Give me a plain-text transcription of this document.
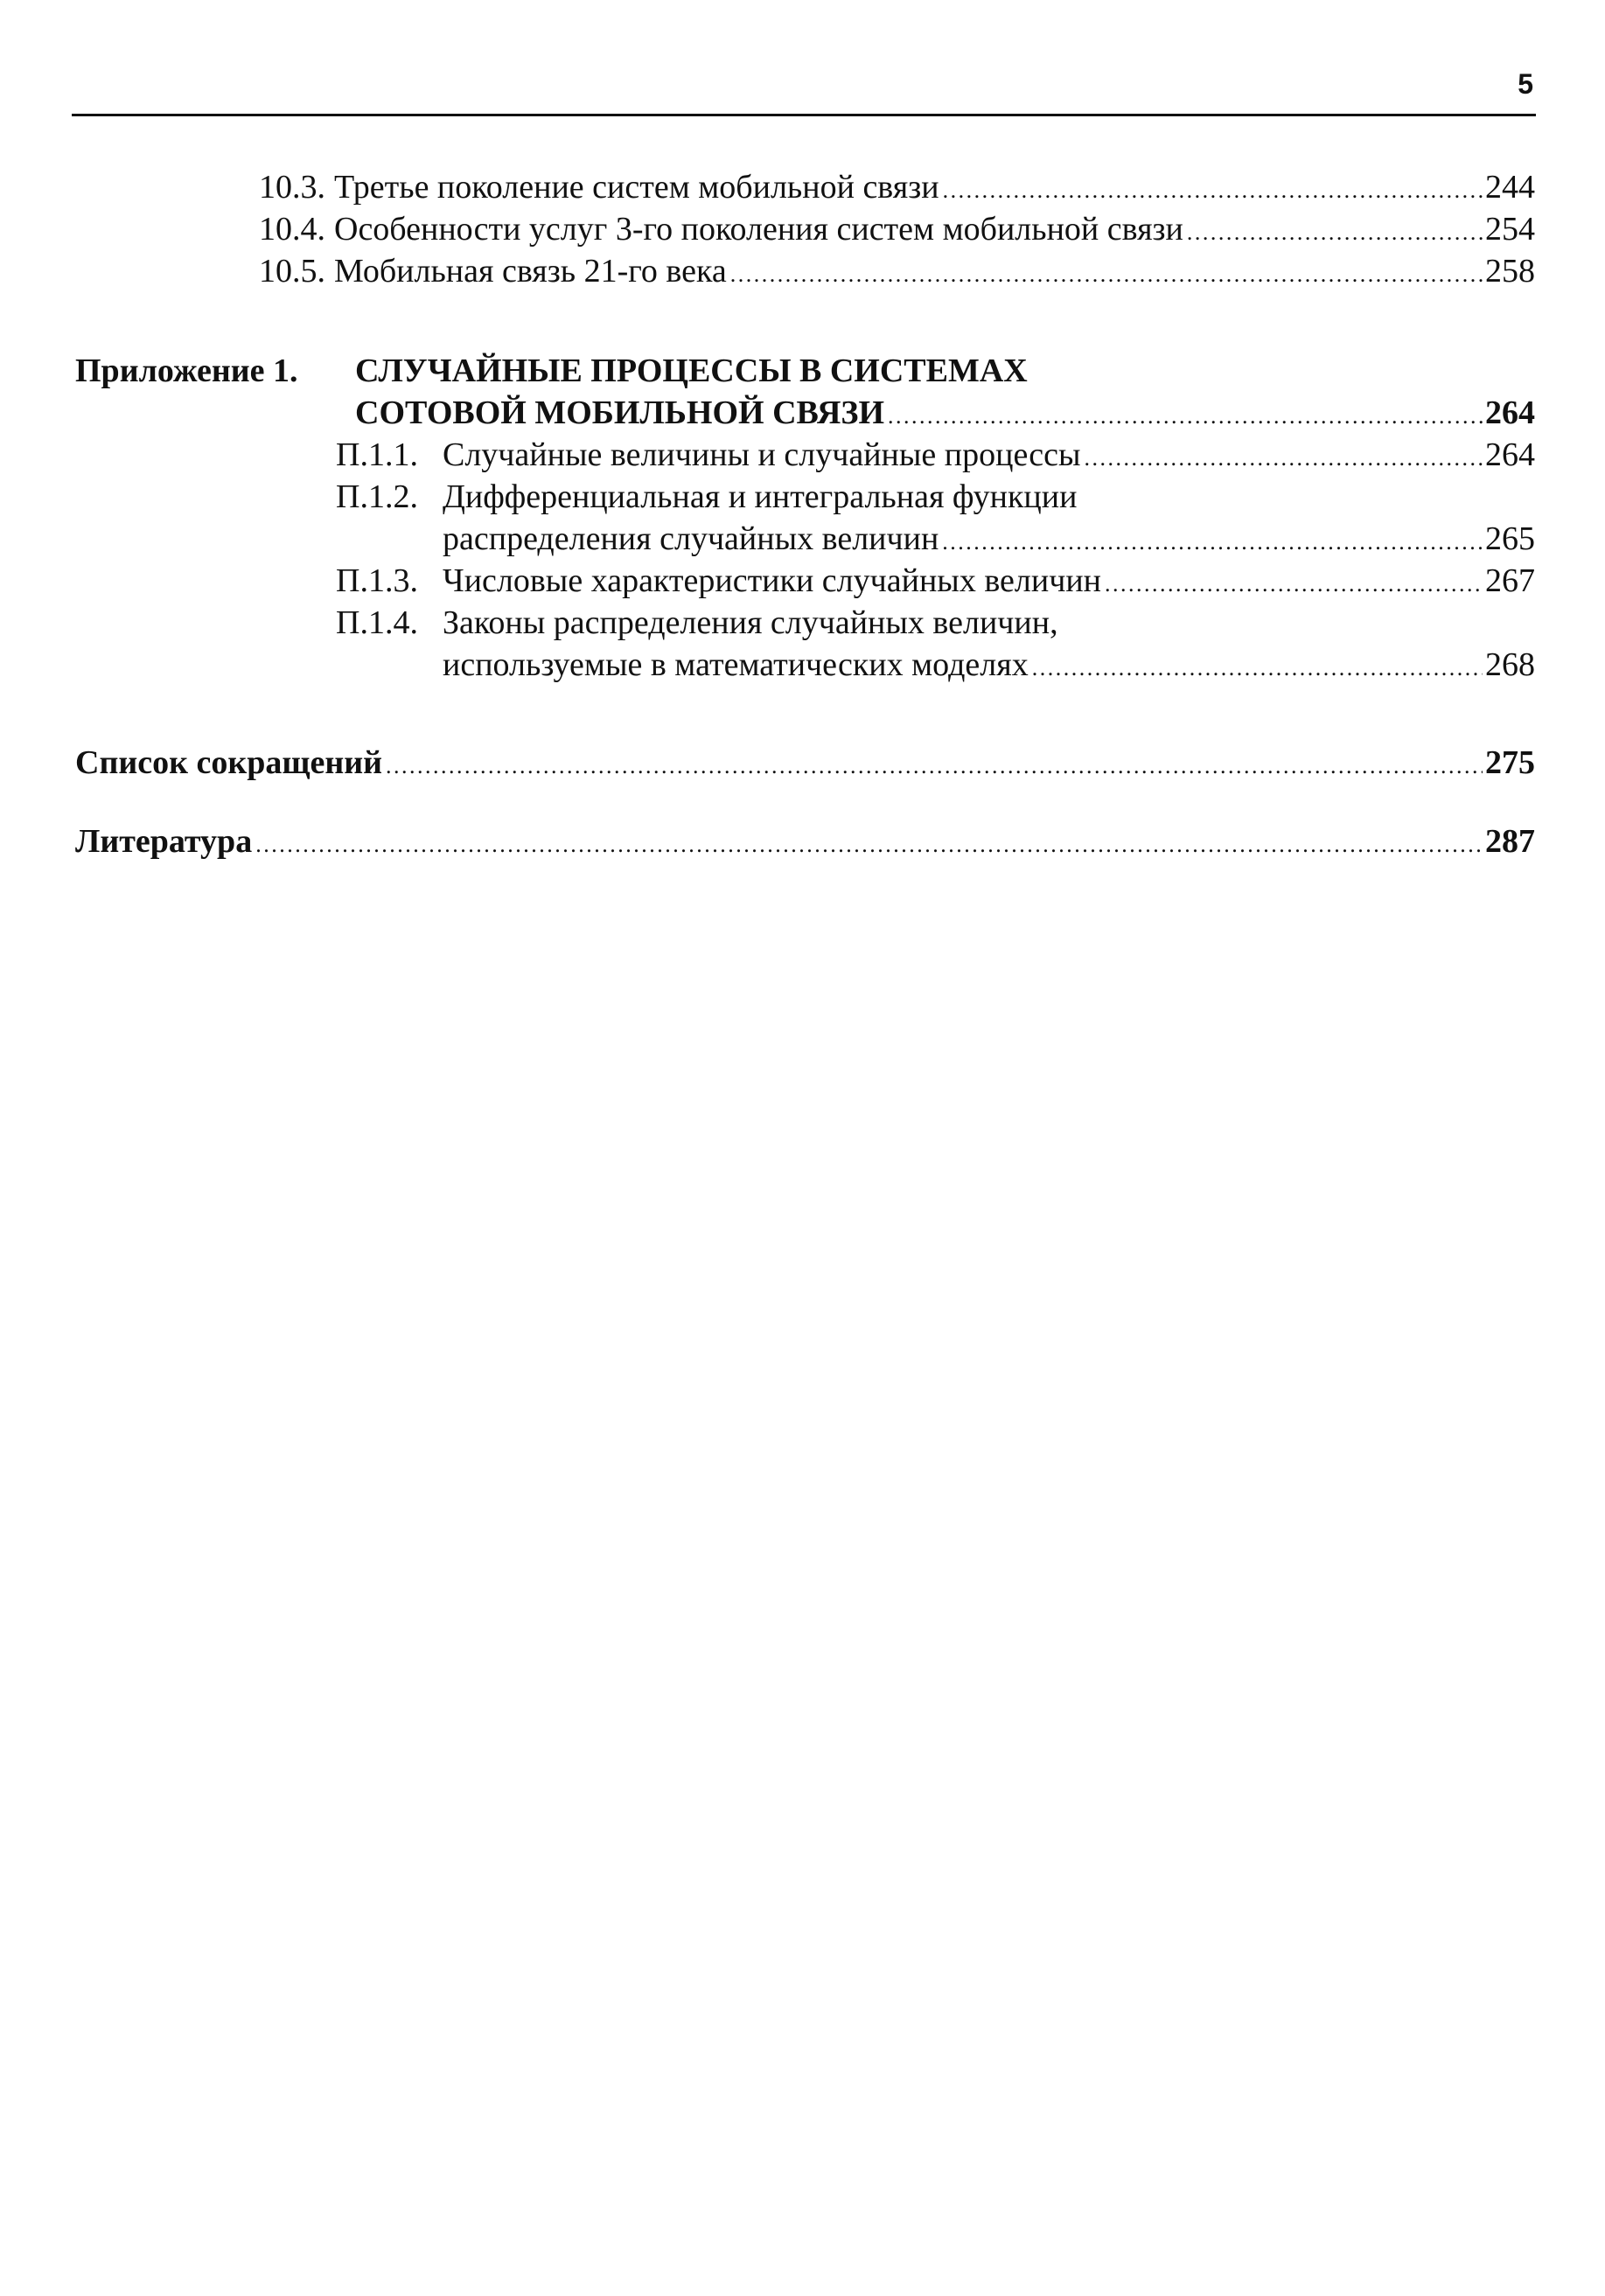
5
10.3. Третье поколение систем мобильной связи . . .	244
10.4. Особенности услуг 3-го поколения систем мобильной связи . . .	254
10.5. Мобильная связь 21-го века . . .	258
Приложение 1. СЛУЧАЙНЫЕ ПРОЦЕССЫ В СИСТЕМАХ
СОТОВОЙ МОБИЛЬНОЙ СВЯЗИ . . .	264
П.1.1. Случайные величины и случайные процессы . . .	264
П.1.2. Дифференциальная и интегральная функции
распределения случайных величин . . .	265
П.1.3. Числовые характеристики случайных величин . . .	267
П.1.4. Законы распределения случайных величин,
используемые в математических моделях . . .	268
Список сокращений . . .	275
Литература . . .	287
